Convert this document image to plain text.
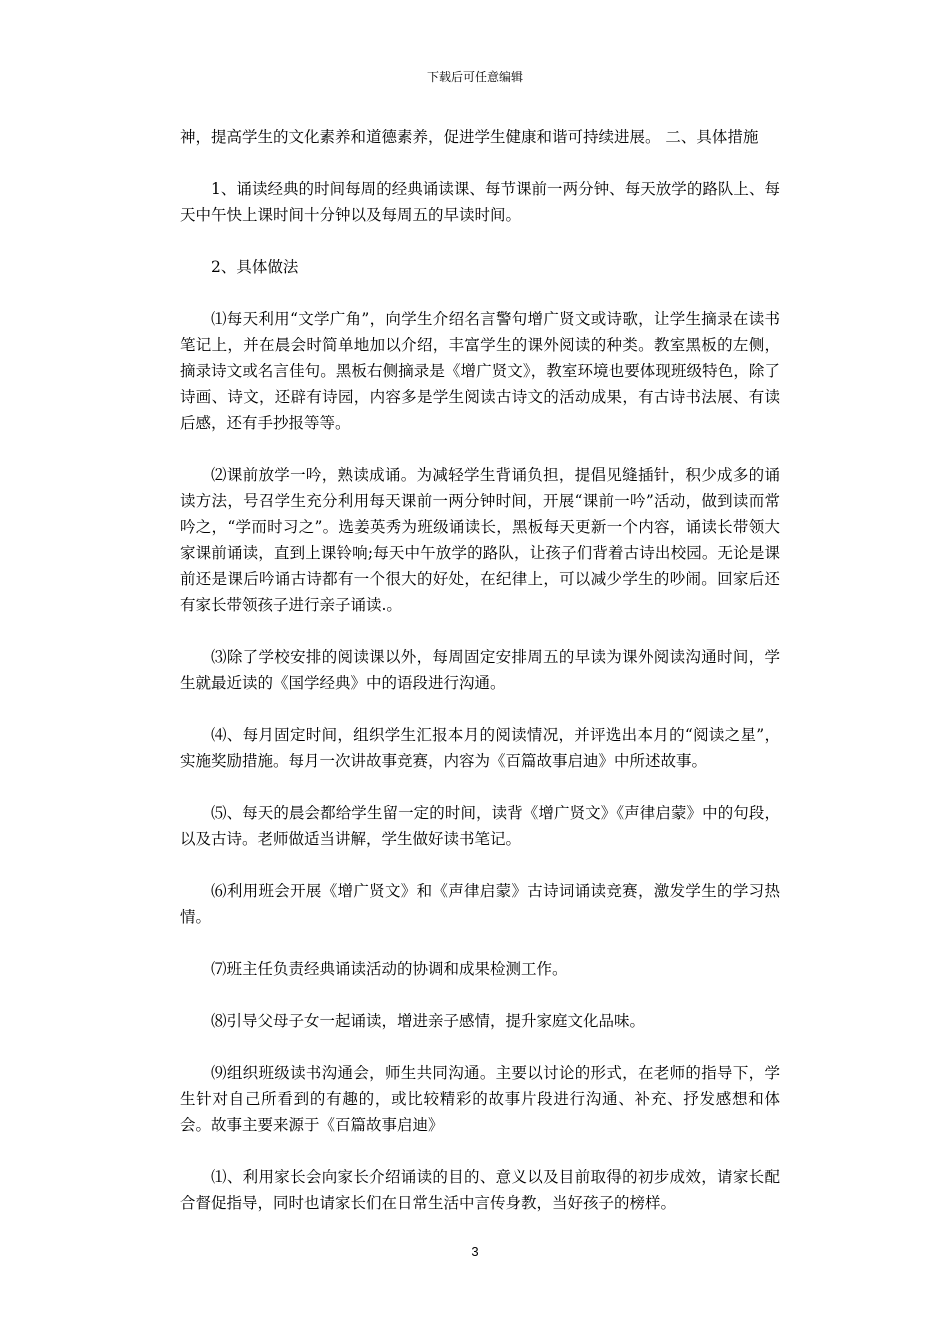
下载后可任意编辑

神，提高学生的文化素养和道德素养，促进学生健康和谐可持续进展。 二、具体措施

1、诵读经典的时间每周的经典诵读课、每节课前一两分钟、每天放学的路队上、每天中午快上课时间十分钟以及每周五的早读时间。

2、具体做法

⑴每天利用“文学广角”，向学生介绍名言警句增广贤文或诗歌，让学生摘录在读书笔记上，并在晨会时简单地加以介绍，丰富学生的课外阅读的种类。教室黑板的左侧，摘录诗文或名言佳句。黑板右侧摘录是《增广贤文》，教室环境也要体现班级特色，除了诗画、诗文，还辟有诗园，内容多是学生阅读古诗文的活动成果，有古诗书法展、有读后感，还有手抄报等等。

⑵课前放学一吟，熟读成诵。为减轻学生背诵负担，提倡见缝插针，积少成多的诵读方法，号召学生充分利用每天课前一两分钟时间，开展“课前一吟”活动，做到读而常吟之，“学而时习之”。选姜英秀为班级诵读长，黑板每天更新一个内容，诵读长带领大家课前诵读，直到上课铃响;每天中午放学的路队，让孩子们背着古诗出校园。无论是课前还是课后吟诵古诗都有一个很大的好处，在纪律上，可以减少学生的吵闹。回家后还有家长带领孩子进行亲子诵读.。

⑶除了学校安排的阅读课以外，每周固定安排周五的早读为课外阅读沟通时间，学生就最近读的《国学经典》中的语段进行沟通。

⑷、每月固定时间，组织学生汇报本月的阅读情况，并评选出本月的“阅读之星”，实施奖励措施。每月一次讲故事竞赛，内容为《百篇故事启迪》中所述故事。

⑸、每天的晨会都给学生留一定的时间，读背《增广贤文》《声律启蒙》中的句段，以及古诗。老师做适当讲解，学生做好读书笔记。

⑹利用班会开展《增广贤文》和《声律启蒙》古诗词诵读竞赛，激发学生的学习热情。

⑺班主任负责经典诵读活动的协调和成果检测工作。

⑻引导父母子女一起诵读，增进亲子感情，提升家庭文化品味。

⑼组织班级读书沟通会，师生共同沟通。主要以讨论的形式，在老师的指导下，学生针对自己所看到的有趣的，或比较精彩的故事片段进行沟通、补充、抒发感想和体会。故事主要来源于《百篇故事启迪》

⑴、利用家长会向家长介绍诵读的目的、意义以及目前取得的初步成效，请家长配合督促指导，同时也请家长们在日常生活中言传身教，当好孩子的榜样。

3
